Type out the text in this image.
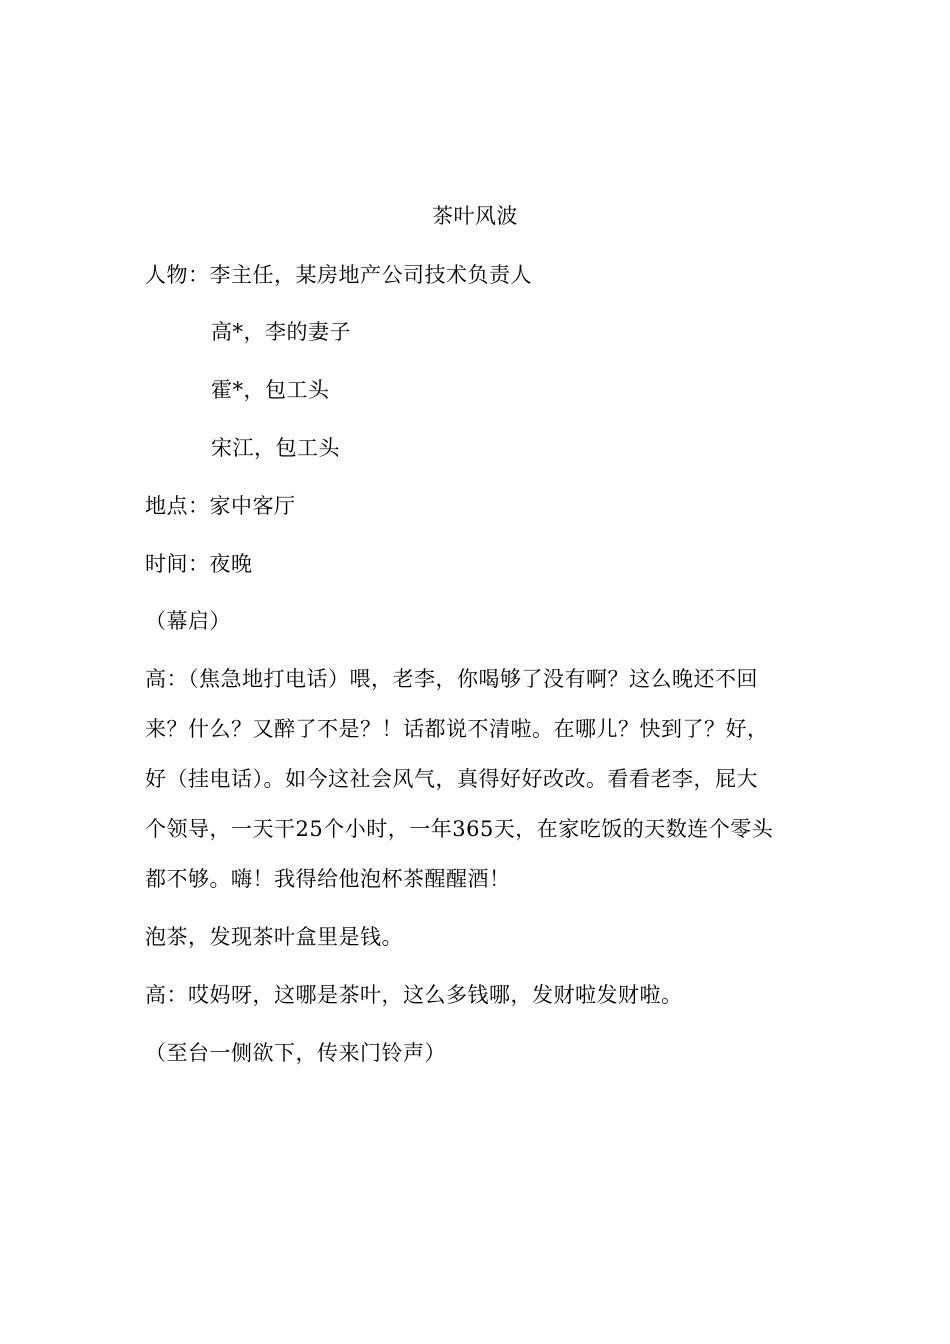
茶叶风波
人物：李主任，某房地产公司技术负责人
高*，李的妻子
霍*，包工头
宋江，包工头
地点：家中客厅
时间：夜晚
（幕启）
高：（焦急地打电话）喂，老李，你喝够了没有啊？这么晚还不回
来？什么？又醉了不是？！话都说不清啦。在哪儿？快到了？好，
好（挂电话）。如今这社会风气，真得好好改改。看看老李，屁大
个领导，一天干25个小时，一年365天，在家吃饭的天数连个零头
都不够。嗨！我得给他泡杯茶醒醒酒！
泡茶，发现茶叶盒里是钱。
高：哎妈呀，这哪是茶叶，这么多钱哪，发财啦发财啦。
（至台一侧欲下，传来门铃声）
